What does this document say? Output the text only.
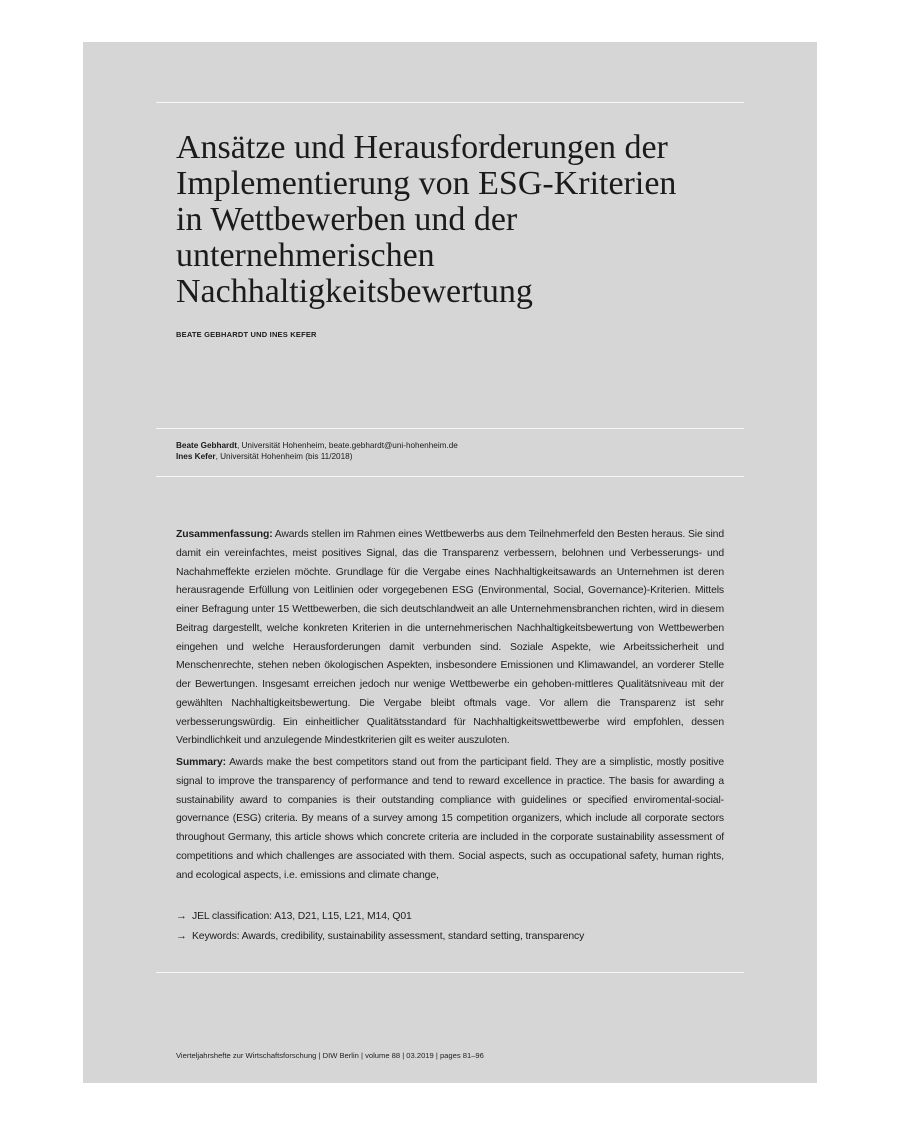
Ansätze und Herausforderungen der
Implementierung von ESG-Kriterien
in Wettbewerben und der
unternehmerischen
Nachhaltigkeitsbewertung

BEATE GEBHARDT UND INES KEFER

Beate Gebhardt, Universität Hohenheim, beate.gebhardt@uni-hohenheim.de
Ines Kefer, Universität Hohenheim (bis 11/2018)

Zusammenfassung: Awards stellen im Rahmen eines Wettbewerbs aus dem Teilnehmerfeld den Besten heraus. Sie sind damit ein vereinfachtes, meist positives Signal, das die Transparenz verbessern, belohnen und Verbesserungs- und Nachahmeffekte erzielen möchte. Grundlage für die Vergabe eines Nachhaltigkeitsawards an Unternehmen ist deren herausragende Erfüllung von Leitlinien oder vorgegebenen ESG (Environmental, Social, Governance)-Kriterien. Mittels einer Befragung unter 15 Wettbewerben, die sich deutschlandweit an alle Unternehmensbranchen richten, wird in diesem Beitrag dargestellt, welche konkreten Kriterien in die unternehmerischen Nachhaltigkeitsbewertung von Wettbewerben eingehen und welche Herausforderungen damit verbunden sind. Soziale Aspekte, wie Arbeitssicherheit und Menschenrechte, stehen neben ökologischen Aspekten, insbesondere Emissionen und Klimawandel, an vorderer Stelle der Bewertungen. Insgesamt erreichen jedoch nur wenige Wettbewerbe ein gehoben-mittleres Qualitätsniveau mit der gewählten Nachhaltigkeitsbewertung. Die Vergabe bleibt oftmals vage. Vor allem die Transparenz ist sehr verbesserungswürdig. Ein einheitlicher Qualitätsstandard für Nachhaltigkeitswettbewerbe wird empfohlen, dessen Verbindlichkeit und anzulegende Mindestkriterien gilt es weiter auszuloten.

Summary: Awards make the best competitors stand out from the participant field. They are a simplistic, mostly positive signal to improve the transparency of performance and tend to reward excellence in practice. The basis for awarding a sustainability award to companies is their outstanding compliance with guidelines or specified enviromental-social-governance (ESG) criteria. By means of a survey among 15 competition organizers, which include all corporate sectors throughout Germany, this article shows which concrete criteria are included in the corporate sustainability assessment of competitions and which challenges are associated with them. Social aspects, such as occupational safety, human rights, and ecological aspects, i.e. emissions and climate change,

→ JEL classification: A13, D21, L15, L21, M14, Q01
→ Keywords: Awards, credibility, sustainability assessment, standard setting, transparency

Vierteljahrshefte zur Wirtschaftsforschung | DIW Berlin | volume 88 | 03.2019 | pages 81–96
